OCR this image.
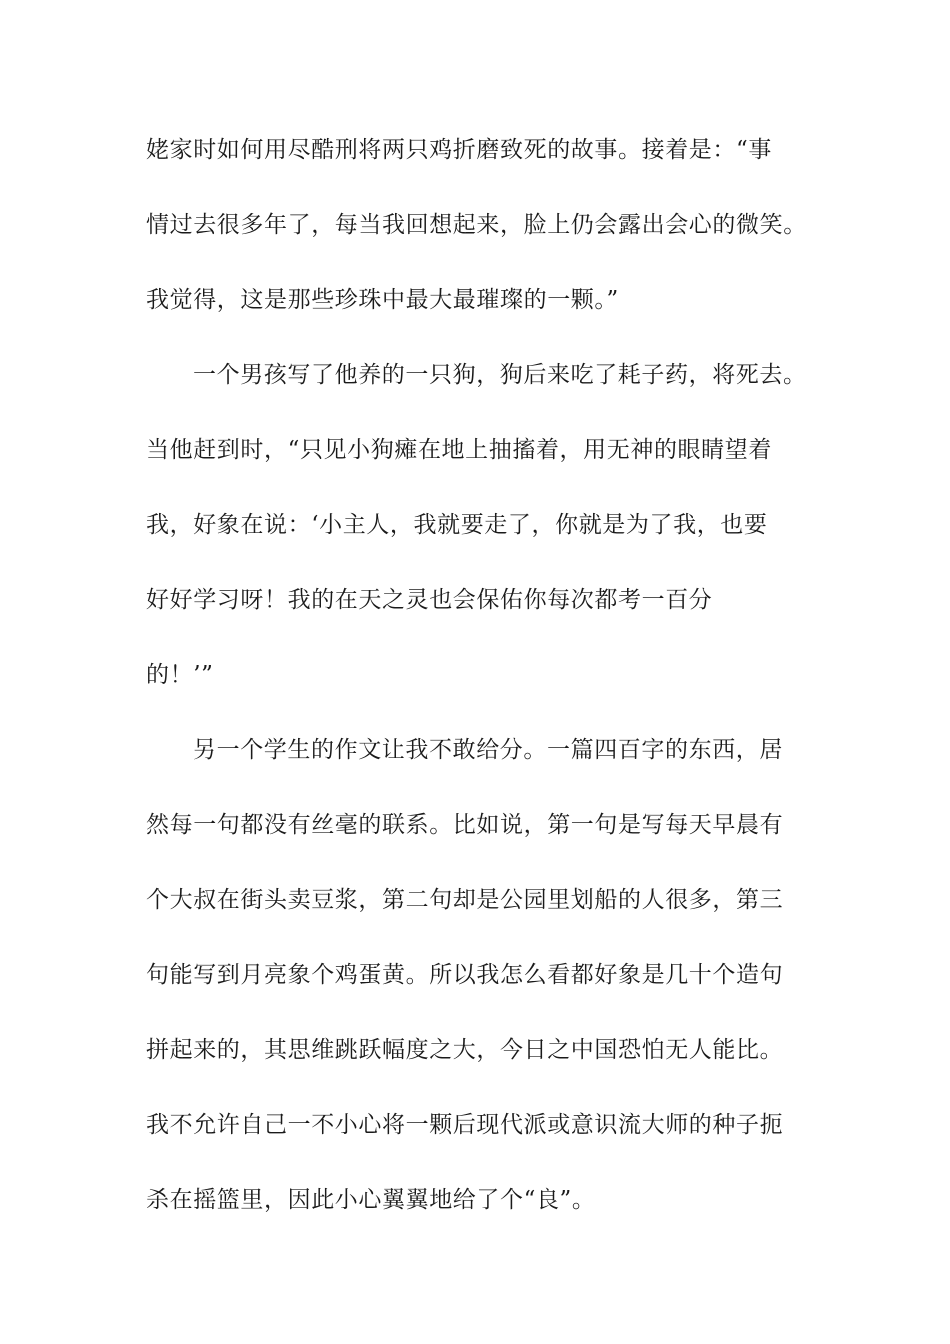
姥家时如何用尽酷刑将两只鸡折磨致死的故事。接着是：“事
情过去很多年了，每当我回想起来，脸上仍会露出会心的微笑。
我觉得，这是那些珍珠中最大最璀璨的一颗。”
一个男孩写了他养的一只狗，狗后来吃了耗子药，将死去。
当他赶到时，“只见小狗瘫在地上抽搐着，用无神的眼睛望着
我，好象在说：‘小主人，我就要走了，你就是为了我，也要
好好学习呀！我的在天之灵也会保佑你每次都考一百分
的！’”
另一个学生的作文让我不敢给分。一篇四百字的东西，居
然每一句都没有丝毫的联系。比如说，第一句是写每天早晨有
个大叔在街头卖豆浆，第二句却是公园里划船的人很多，第三
句能写到月亮象个鸡蛋黄。所以我怎么看都好象是几十个造句
拼起来的，其思维跳跃幅度之大，今日之中国恐怕无人能比。
我不允许自己一不小心将一颗后现代派或意识流大师的种子扼
杀在摇篮里，因此小心翼翼地给了个“良”。
